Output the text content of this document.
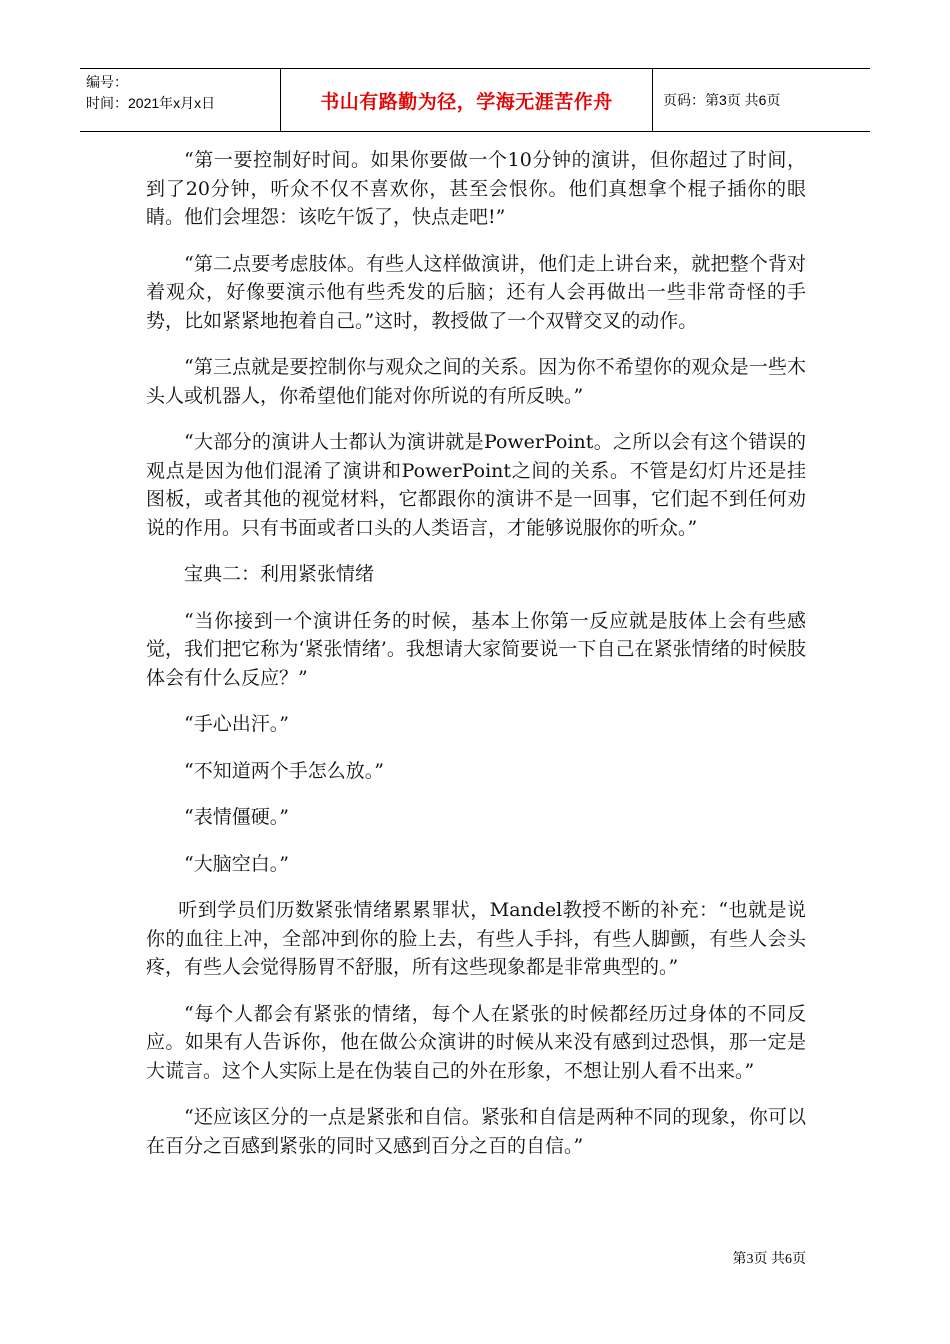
编号：
时间：2021年x月x日	书山有路勤为径，学海无涯苦作舟	页码：第3页 共6页

“第一要控制好时间。如果你要做一个10分钟的演讲，但你超过了时间，到了20分钟，听众不仅不喜欢你，甚至会恨你。他们真想拿个棍子插你的眼睛。他们会埋怨：该吃午饭了，快点走吧!”

“第二点要考虑肢体。有些人这样做演讲，他们走上讲台来，就把整个背对着观众，好像要演示他有些秃发的后脑；还有人会再做出一些非常奇怪的手势，比如紧紧地抱着自己。”这时，教授做了一个双臂交叉的动作。

“第三点就是要控制你与观众之间的关系。因为你不希望你的观众是一些木头人或机器人，你希望他们能对你所说的有所反映。”

“大部分的演讲人士都认为演讲就是PowerPoint。之所以会有这个错误的观点是因为他们混淆了演讲和PowerPoint之间的关系。不管是幻灯片还是挂图板，或者其他的视觉材料，它都跟你的演讲不是一回事，它们起不到任何劝说的作用。只有书面或者口头的人类语言，才能够说服你的听众。”

宝典二：利用紧张情绪

“当你接到一个演讲任务的时候，基本上你第一反应就是肢体上会有些感觉，我们把它称为‘紧张情绪’。我想请大家简要说一下自己在紧张情绪的时候肢体会有什么反应？”

“手心出汗。”

“不知道两个手怎么放。”

“表情僵硬。”

“大脑空白。”

听到学员们历数紧张情绪累累罪状，Mandel教授不断的补充：“也就是说你的血往上冲，全部冲到你的脸上去，有些人手抖，有些人脚颤，有些人会头疼，有些人会觉得肠胃不舒服，所有这些现象都是非常典型的。”

“每个人都会有紧张的情绪，每个人在紧张的时候都经历过身体的不同反应。如果有人告诉你，他在做公众演讲的时候从来没有感到过恐惧，那一定是大谎言。这个人实际上是在伪装自己的外在形象，不想让别人看不出来。”

“还应该区分的一点是紧张和自信。紧张和自信是两种不同的现象，你可以在百分之百感到紧张的同时又感到百分之百的自信。”

第3页 共6页
